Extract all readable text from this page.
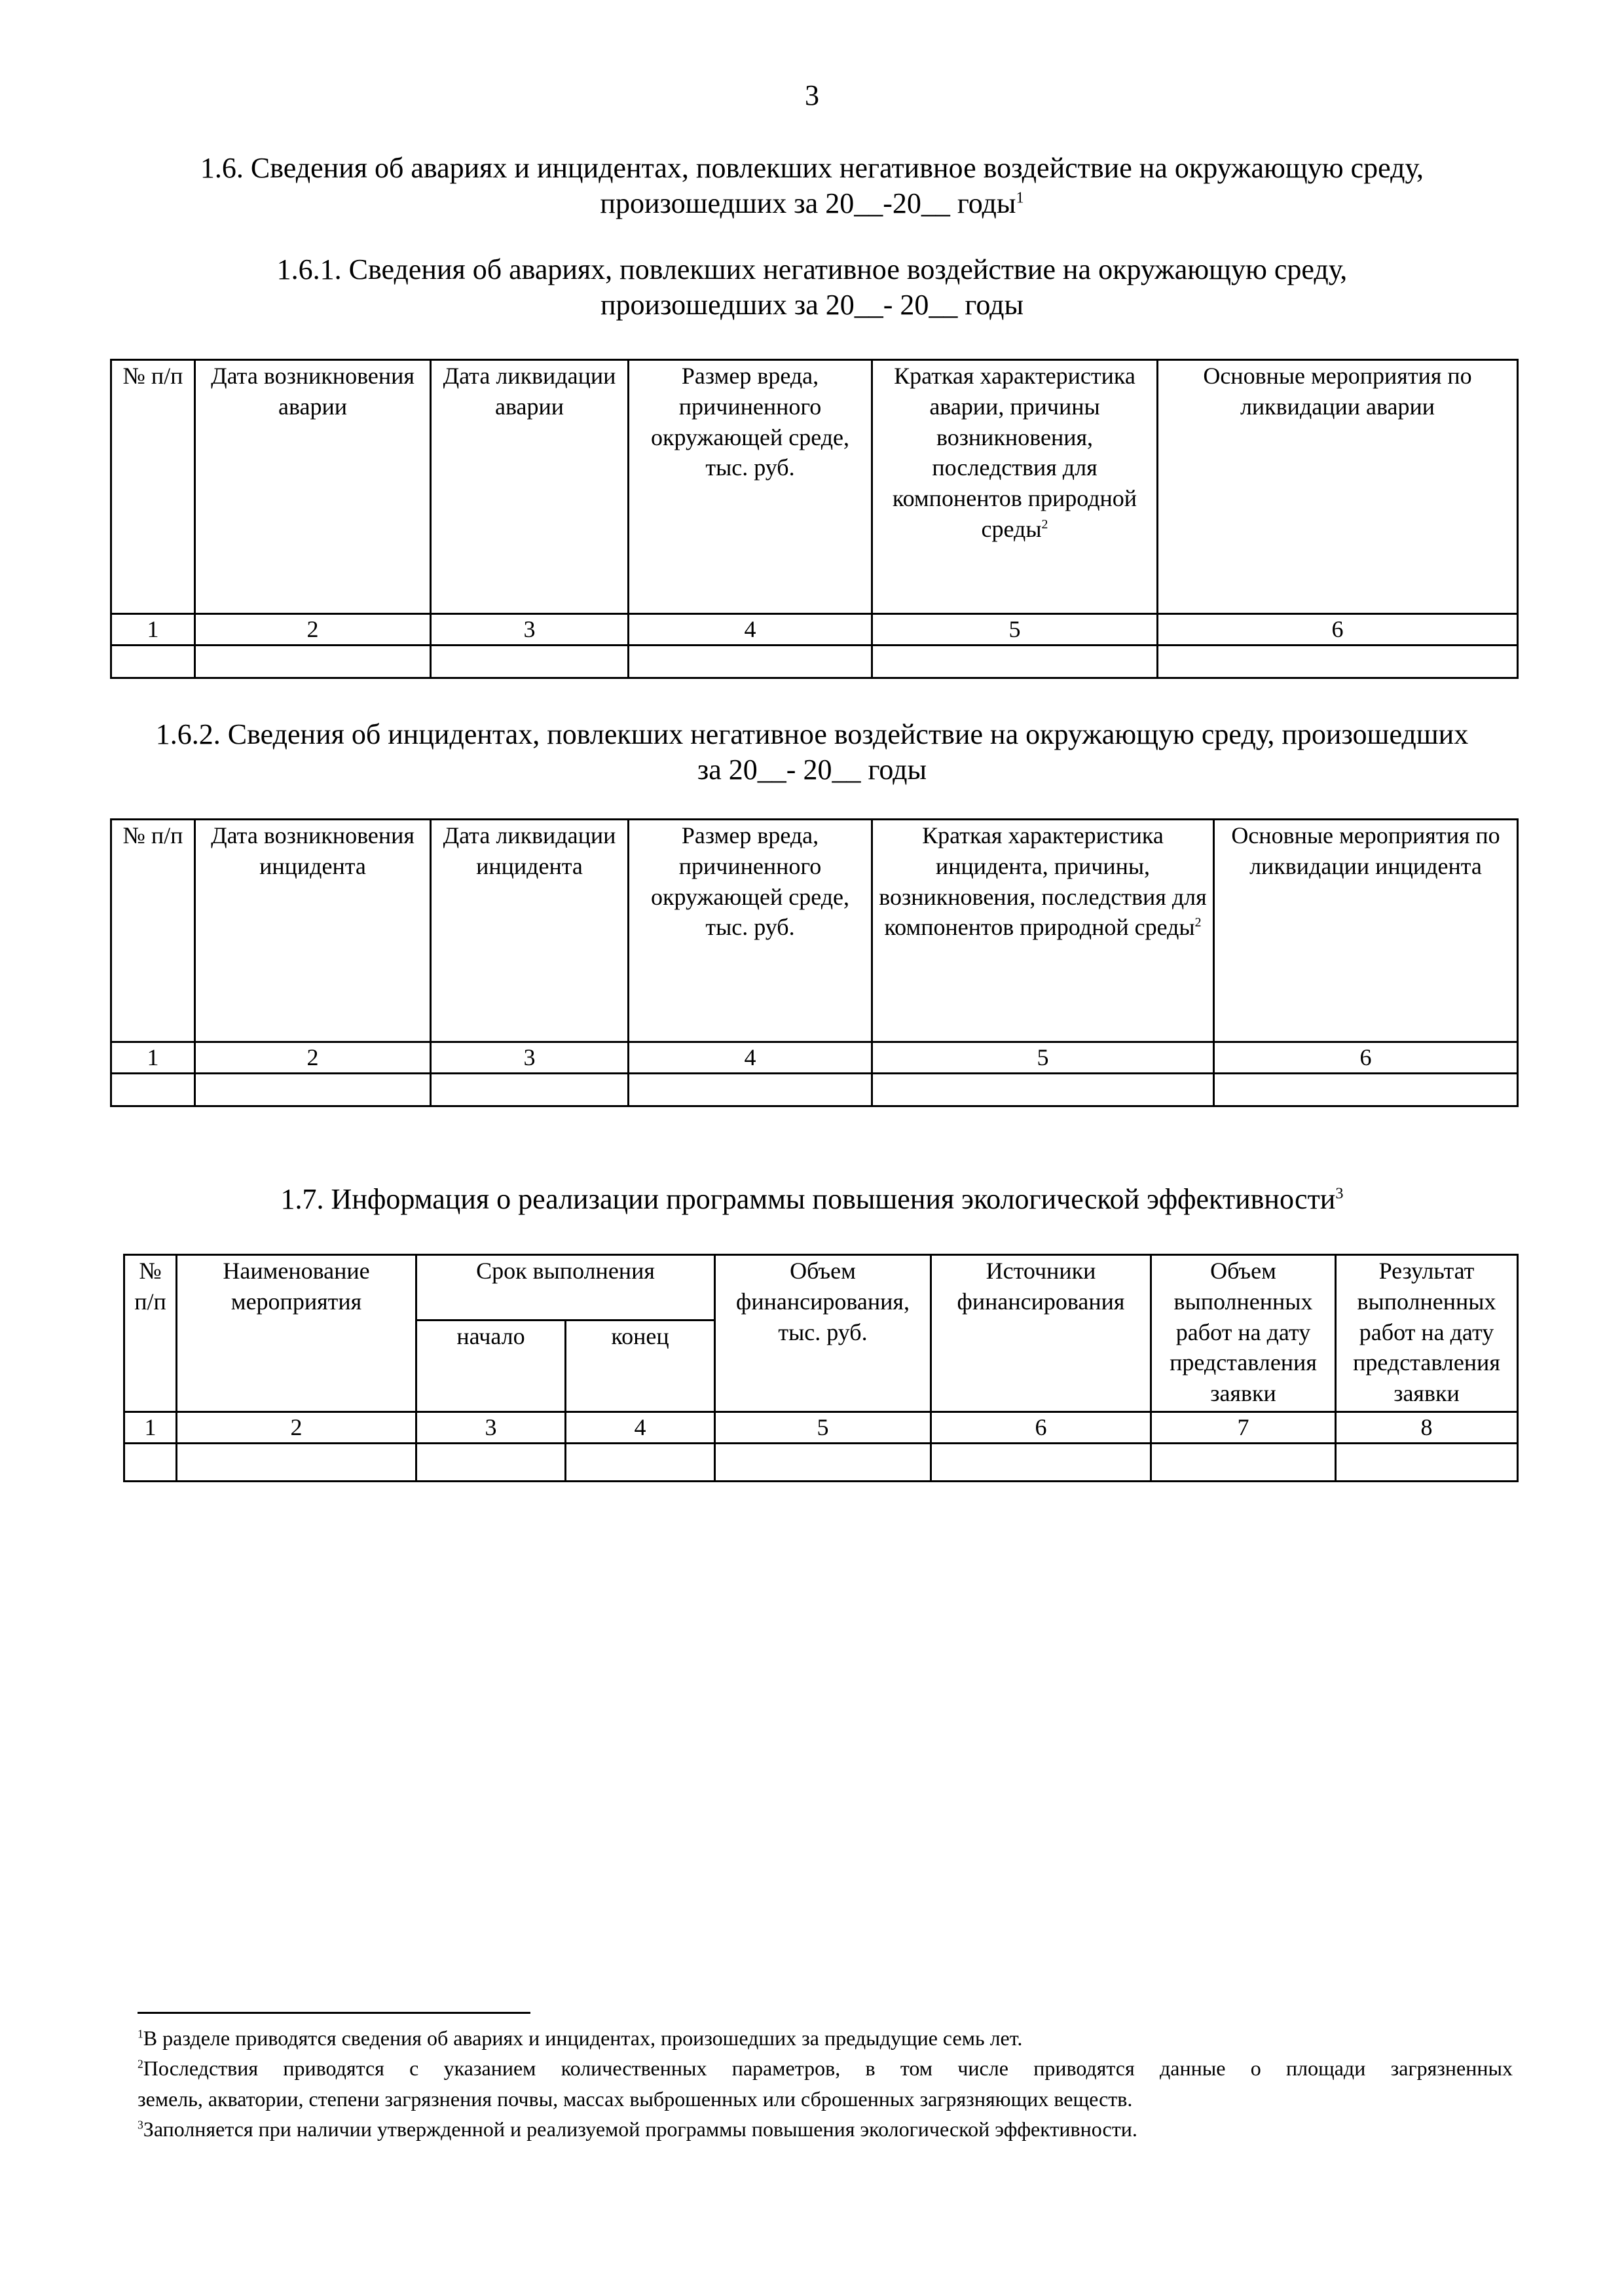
3
1.6. Сведения об авариях и инцидентах, повлекших негативное воздействие на окружающую среду,
произошедших за 20__-20__ годы$^1$
1.6.1. Сведения об авариях, повлекших негативное воздействие на окружающую среду,
произошедших за 20__- 20__ годы
№ п/п	Дата возникновения аварии	Дата ликвидации аварии	Размер вреда, причиненного окружающей среде, тыс. руб.	Краткая характеристика аварии, причины возникновения, последствия для компонентов природной среды$^2$	Основные мероприятия по ликвидации аварии
1	2	3	4	5	6

1.6.2. Сведения об инцидентах, повлекших негативное воздействие на окружающую среду, произошедших
за 20__- 20__ годы
№ п/п	Дата возникновения инцидента	Дата ликвидации инцидента	Размер вреда, причиненного окружающей среде, тыс. руб.	Краткая характеристика инцидента, причины, возникновения, последствия для компонентов природной среды$^2$	Основные мероприятия по ликвидации инцидента
1	2	3	4	5	6

1.7. Информация о реализации программы повышения экологической эффективности$^3$
№ п/п	Наименование мероприятия	Срок выполнения		Объем финансирования, тыс. руб.	Источники финансирования	Объем выполненных работ на дату представления заявки	Результат выполненных работ на дату представления заявки
		начало	конец				
1	2	3	4	5	6	7	8

$^1$В разделе приводятся сведения об авариях и инцидентах, произошедших за предыдущие семь лет.

$^2$Последствия приводятся с указанием количественных параметров, в том числе приводятся данные о площади загрязненных

земель, акватории, степени загрязнения почвы, массах выброшенных или сброшенных загрязняющих веществ.

$^3$Заполняется при наличии утвержденной и реализуемой программы повышения экологической эффективности.
